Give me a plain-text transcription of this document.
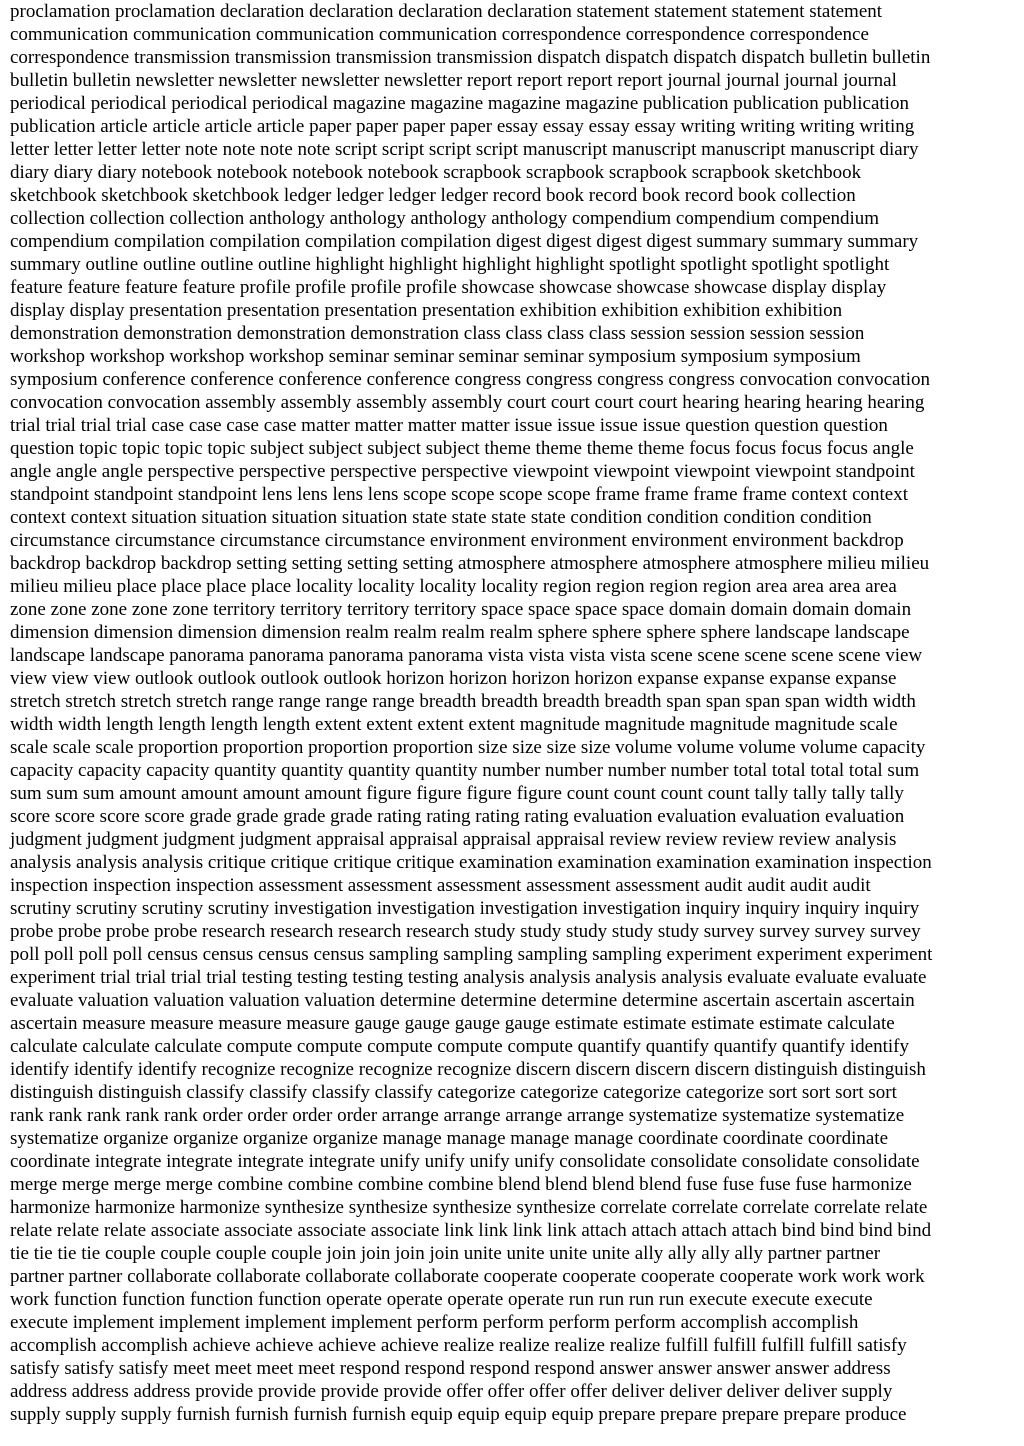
proclamation proclamation declaration declaration declaration declaration statement statement statement statement
communication communication communication communication correspondence correspondence correspondence
correspondence transmission transmission transmission transmission dispatch dispatch dispatch dispatch bulletin bulletin
bulletin bulletin newsletter newsletter newsletter newsletter report report report report journal journal journal journal
periodical periodical periodical periodical magazine magazine magazine magazine publication publication publication
publication article article article article paper paper paper paper essay essay essay essay writing writing writing writing
letter letter letter letter note note note note script script script script manuscript manuscript manuscript manuscript diary
diary diary diary notebook notebook notebook notebook scrapbook scrapbook scrapbook scrapbook sketchbook
sketchbook sketchbook sketchbook ledger ledger ledger ledger record book record book record book collection
collection collection collection anthology anthology anthology anthology compendium compendium compendium
compendium compilation compilation compilation compilation digest digest digest digest summary summary summary
summary outline outline outline outline highlight highlight highlight highlight spotlight spotlight spotlight spotlight
feature feature feature feature profile profile profile profile showcase showcase showcase showcase display display
display display presentation presentation presentation presentation exhibition exhibition exhibition exhibition
demonstration demonstration demonstration demonstration class class class class session session session session
workshop workshop workshop workshop seminar seminar seminar seminar symposium symposium symposium
symposium conference conference conference conference congress congress congress congress convocation convocation
convocation convocation assembly assembly assembly assembly court court court court hearing hearing hearing hearing
trial trial trial trial case case case case matter matter matter matter issue issue issue issue question question question
question topic topic topic topic subject subject subject subject theme theme theme theme focus focus focus focus angle
angle angle angle perspective perspective perspective perspective viewpoint viewpoint viewpoint viewpoint standpoint
standpoint standpoint standpoint lens lens lens lens scope scope scope scope frame frame frame frame context context
context context situation situation situation situation state state state state condition condition condition condition
circumstance circumstance circumstance circumstance environment environment environment environment backdrop
backdrop backdrop backdrop setting setting setting setting atmosphere atmosphere atmosphere atmosphere milieu milieu
milieu milieu place place place place locality locality locality locality region region region region area area area area
zone zone zone zone zone territory territory territory territory space space space space domain domain domain domain
dimension dimension dimension dimension realm realm realm realm sphere sphere sphere sphere landscape landscape
landscape landscape panorama panorama panorama panorama vista vista vista vista scene scene scene scene scene view
view view view outlook outlook outlook outlook horizon horizon horizon horizon expanse expanse expanse expanse
stretch stretch stretch stretch range range range range breadth breadth breadth breadth span span span span width width
width width length length length length extent extent extent extent magnitude magnitude magnitude magnitude scale
scale scale scale proportion proportion proportion proportion size size size size volume volume volume volume capacity
capacity capacity capacity quantity quantity quantity quantity number number number number total total total total sum
sum sum sum amount amount amount amount figure figure figure figure count count count count tally tally tally tally
score score score score grade grade grade grade rating rating rating rating evaluation evaluation evaluation evaluation
judgment judgment judgment judgment appraisal appraisal appraisal appraisal review review review review analysis
analysis analysis analysis critique critique critique critique examination examination examination examination inspection
inspection inspection inspection assessment assessment assessment assessment assessment audit audit audit audit
scrutiny scrutiny scrutiny scrutiny investigation investigation investigation investigation inquiry inquiry inquiry inquiry
probe probe probe probe research research research research study study study study study survey survey survey survey
poll poll poll poll census census census census sampling sampling sampling sampling experiment experiment experiment
experiment trial trial trial trial testing testing testing testing analysis analysis analysis analysis evaluate evaluate evaluate
evaluate valuation valuation valuation valuation determine determine determine determine ascertain ascertain ascertain
ascertain measure measure measure measure gauge gauge gauge gauge estimate estimate estimate estimate calculate
calculate calculate calculate compute compute compute compute compute quantify quantify quantify quantify identify
identify identify identify recognize recognize recognize recognize discern discern discern discern distinguish distinguish
distinguish distinguish classify classify classify classify categorize categorize categorize categorize sort sort sort sort
rank rank rank rank rank order order order order arrange arrange arrange arrange systematize systematize systematize
systematize organize organize organize organize manage manage manage manage coordinate coordinate coordinate
coordinate integrate integrate integrate integrate unify unify unify unify consolidate consolidate consolidate consolidate
merge merge merge merge combine combine combine combine blend blend blend blend fuse fuse fuse fuse harmonize
harmonize harmonize harmonize synthesize synthesize synthesize synthesize correlate correlate correlate correlate relate
relate relate relate associate associate associate associate link link link link attach attach attach attach bind bind bind bind
tie tie tie tie couple couple couple couple join join join join unite unite unite unite ally ally ally ally partner partner
partner partner collaborate collaborate collaborate collaborate cooperate cooperate cooperate cooperate work work work
work function function function function operate operate operate operate run run run run execute execute execute
execute implement implement implement implement perform perform perform perform accomplish accomplish
accomplish accomplish achieve achieve achieve achieve realize realize realize realize fulfill fulfill fulfill fulfill satisfy
satisfy satisfy satisfy meet meet meet meet respond respond respond respond answer answer answer answer address
address address address provide provide provide provide offer offer offer offer deliver deliver deliver deliver supply
supply supply supply furnish furnish furnish furnish equip equip equip equip prepare prepare prepare prepare produce
